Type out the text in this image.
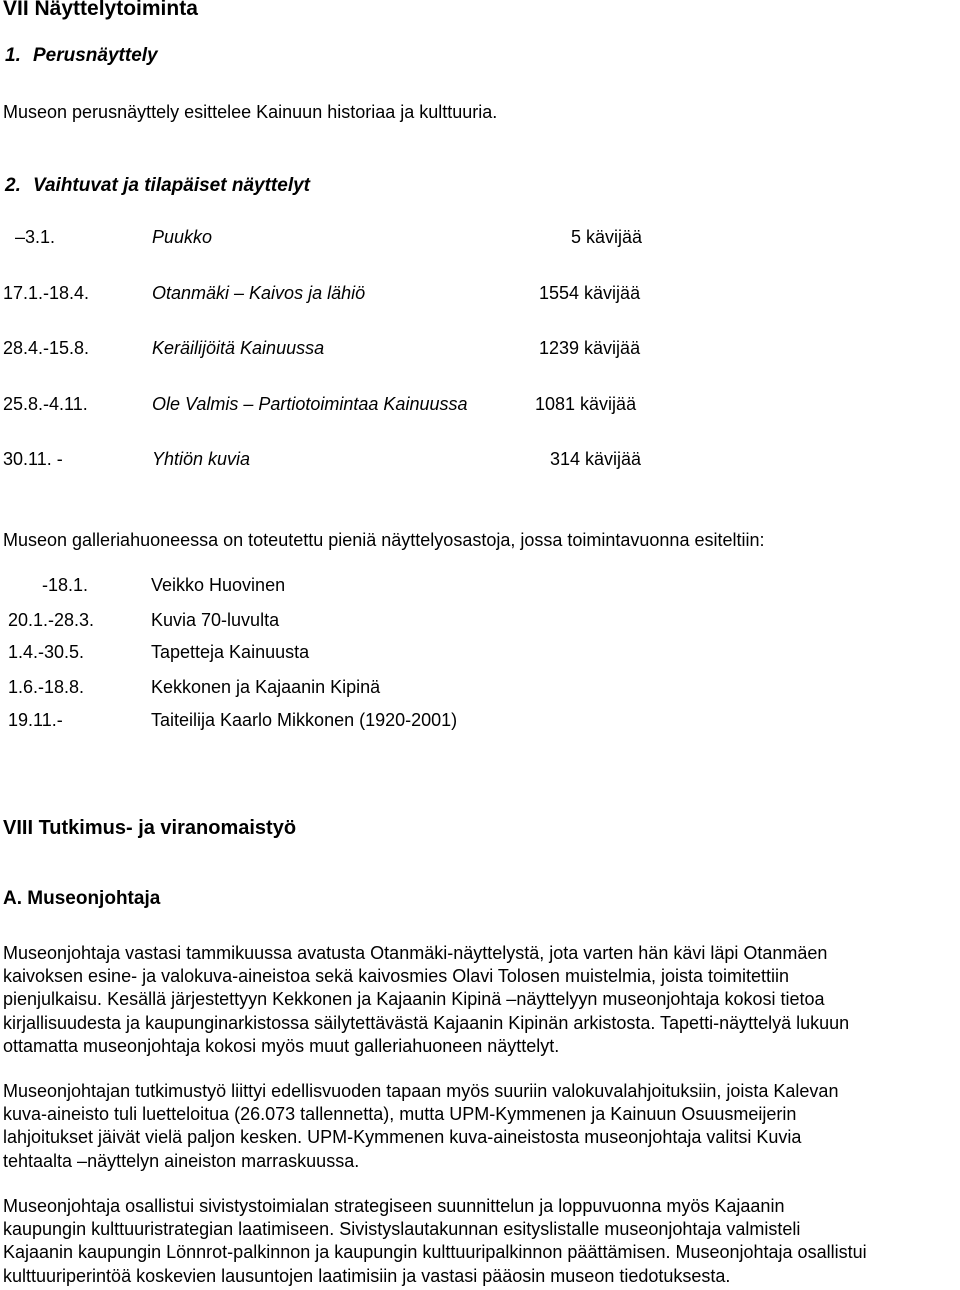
VII Näyttelytoiminta
1. Perusnäyttely
Museon perusnäyttely esittelee Kainuun historiaa ja kulttuuria.
2. Vaihtuvat ja tilapäiset näyttelyt
–3.1.	Puukko	5 kävijää
17.1.-18.4.	Otanmäki – Kaivos ja lähiö	1554 kävijää
28.4.-15.8.	Keräilijöitä Kainuussa	1239 kävijää
25.8.-4.11.	Ole Valmis – Partiotoimintaa Kainuussa	1081 kävijää
30.11. -	Yhtiön kuvia	314 kävijää
Museon galleriahuoneessa on toteutettu pieniä näyttelyosastoja, jossa toimintavuonna esiteltiin:
-18.1.	Veikko Huovinen
20.1.-28.3.	Kuvia 70-luvulta
1.4.-30.5.	Tapetteja Kainuusta
1.6.-18.8.	Kekkonen ja Kajaanin Kipinä
19.11.-	Taiteilija Kaarlo Mikkonen (1920-2001)
VIII Tutkimus- ja viranomaistyö
A. Museonjohtaja
Museonjohtaja vastasi tammikuussa avatusta Otanmäki-näyttelystä, jota varten hän kävi läpi Otanmäen
kaivoksen esine- ja valokuva-aineistoa sekä kaivosmies Olavi Tolosen muistelmia, joista toimitettiin
pienjulkaisu. Kesällä järjestettyyn Kekkonen ja Kajaanin Kipinä –näyttelyyn museonjohtaja kokosi tietoa
kirjallisuudesta ja kaupunginarkistossa säilytettävästä Kajaanin Kipinän arkistosta. Tapetti-näyttelyä lukuun
ottamatta museonjohtaja kokosi myös muut galleriahuoneen näyttelyt.
Museonjohtajan tutkimustyö liittyi edellisvuoden tapaan myös suuriin valokuvalahjoituksiin, joista Kalevan
kuva-aineisto tuli luetteloitua (26.073 tallennetta), mutta UPM-Kymmenen ja Kainuun Osuusmeijerin
lahjoitukset jäivät vielä paljon kesken. UPM-Kymmenen kuva-aineistosta museonjohtaja valitsi Kuvia
tehtaalta –näyttelyn aineiston marraskuussa.
Museonjohtaja osallistui sivistystoimialan strategiseen suunnittelun ja loppuvuonna myös Kajaanin
kaupungin kulttuuristrategian laatimiseen. Sivistyslautakunnan esityslistalle museonjohtaja valmisteli
Kajaanin kaupungin Lönnrot-palkinnon ja kaupungin kulttuuripalkinnon päättämisen. Museonjohtaja osallistui
kulttuuriperintöä koskevien lausuntojen laatimisiin ja vastasi pääosin museon tiedotuksesta.
